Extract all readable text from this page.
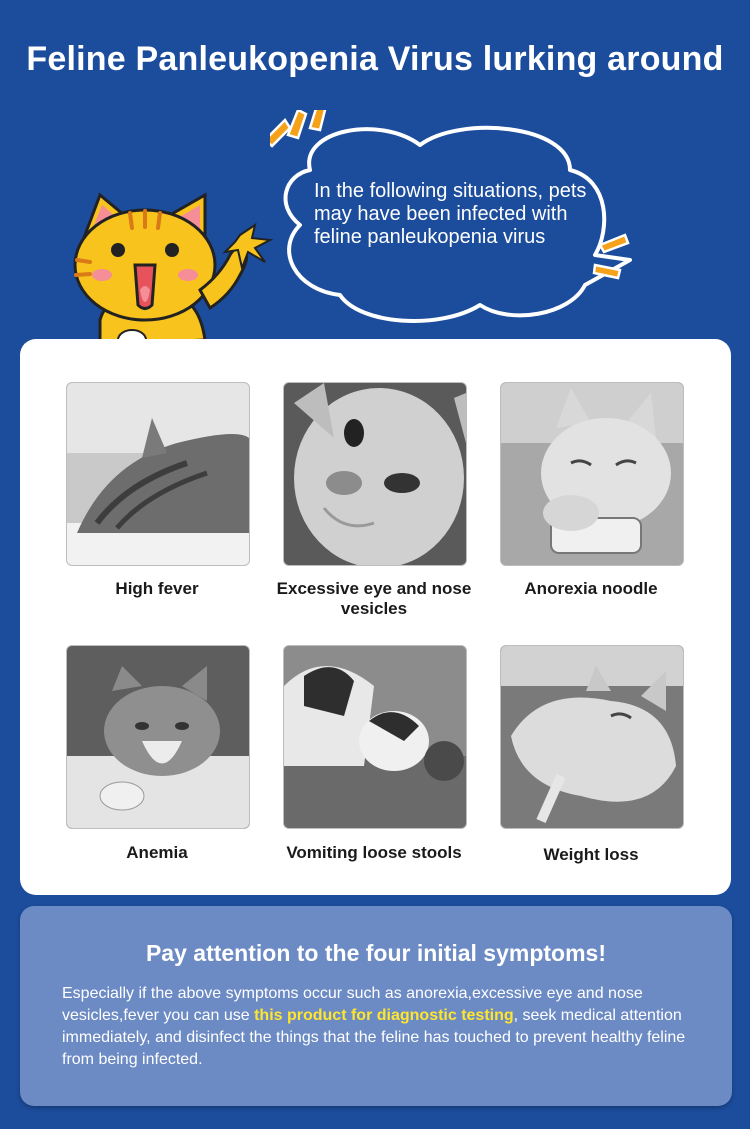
Feline Panleukopenia Virus lurking around
In the following situations, pets may have been infected with feline panleukopenia virus
High fever	Excessive eye and nose vesicles
Anorexia noodle
Anemia	Vomiting loose stools	Weight loss
Pay attention to the four initial symptoms!
Especially if the above symptoms occur such as anorexia,excessive eye and nose vesicles,fever you can use this product for diagnostic testing, seek medical attention immediately, and disinfect the things that the feline has touched to prevent healthy feline from being infected.
